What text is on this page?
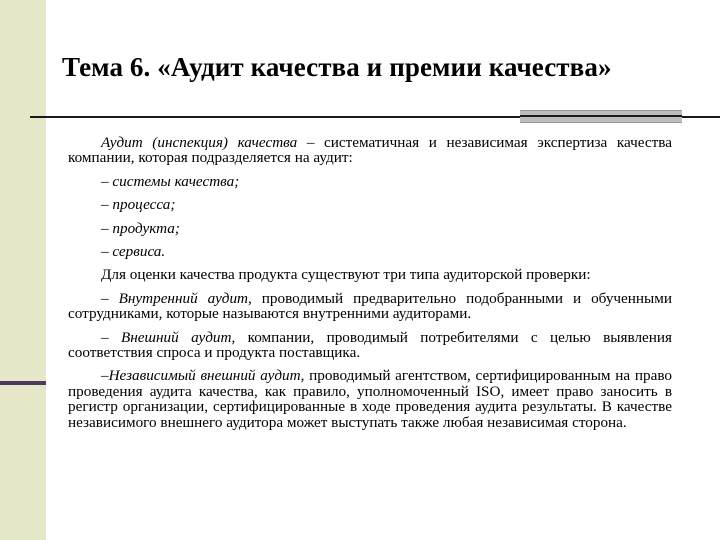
Тема 6. «Аудит качества и премии качества»

Аудит (инспекция) качества – систематичная и независимая экспертиза качества компании, которая подразделяется на аудит:

– системы качества;

– процесса;

– продукта;

– сервиса.

Для оценки качества продукта существуют три типа аудиторской проверки:

– Внутренний аудит, проводимый предварительно подобранными и обученными сотрудниками, которые называются внутренними аудиторами.

– Внешний аудит, компании, проводимый потребителями с целью выявления соответствия спроса и продукта поставщика.

–Независимый внешний аудит, проводимый агентством, сертифицированным на право проведения аудита качества, как правило, уполномоченный ISO, имеет право заносить в регистр организации, сертифицированные в ходе проведения аудита результаты. В качестве независимого внешнего аудитора может выступать также любая независимая сторона.
